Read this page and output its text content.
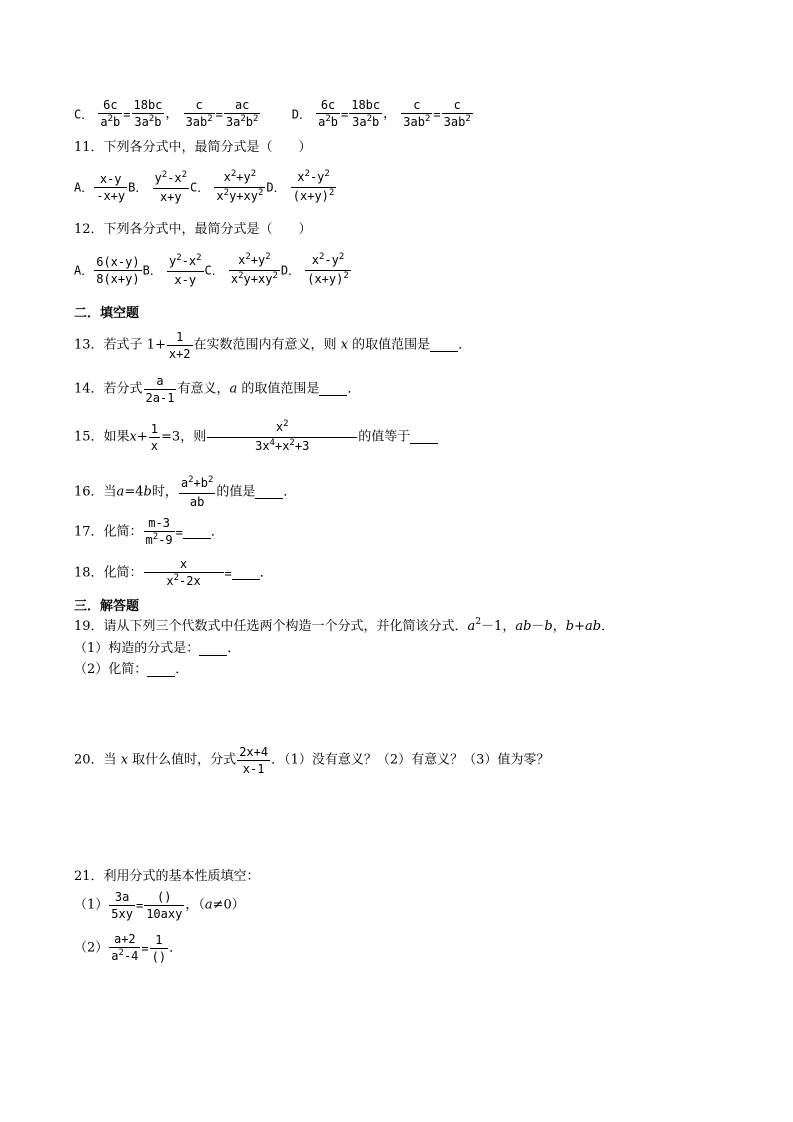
C． $\frac{6c}{a^2b} = \frac{18bc}{3a^2b}$ ， $\frac{c}{3ab^2} = \frac{ac}{3a^2b^2}$	D． $\frac{6c}{a^2b} = \frac{18bc}{3a^2b}$ ， $\frac{c}{3ab^2} = \frac{c}{3ab^2}$
11．下列各分式中，最简分式是（　　）
A． $\frac{x-y}{-x+y}$ B． $\frac{y^2-x^2}{x+y}$ C． $\frac{x^2+y^2}{x^2y+xy^2}$ D． $\frac{x^2-y^2}{(x+y)^2}$
12．下列各分式中，最简分式是（　　）
A． $\frac{6(x-y)}{8(x+y)}$ B． $\frac{y^2-x^2}{x-y}$ C． $\frac{x^2+y^2}{x^2y+xy^2}$ D． $\frac{x^2-y^2}{(x+y)^2}$
二．填空题
13．若式子 $1+ \frac{1}{x+2}$ 在实数范围内有意义，则 x 的取值范围是 ．
14．若分式 $\frac{a}{2a-1}$ 有意义，a 的取值范围是 ．
15．如果$x+ \frac{1}{x} =3$，则 $\frac{x^2}{3x^4+x^2+3}$ 的值等于
16．当a=4b时， $\frac{a^2+b^2}{ab}$ 的值是 ．
17．化简： $\frac{m-3}{m^2-9}$ = ．
18．化简： $\frac{x}{x^2-2x}$ = ．
三．解答题
19．请从下列三个代数式中任选两个构造一个分式，并化简该分式．$a^2-1$，ab－b，b+ab．
（1）构造的分式是： ．
（2）化简： ．
20．当 x 取什么值时，分式 $\frac{2x+4}{x-1}$ ．（1）没有意义？（2）有意义？（3）值为零？
21．利用分式的基本性质填空：
$(1) \frac{3a}{5xy} = \frac{()}{\text{10axy}}$ ，（a≠0）
$(2) \frac{a+2}{a^2-4} = \frac{1}{()}$ ．
